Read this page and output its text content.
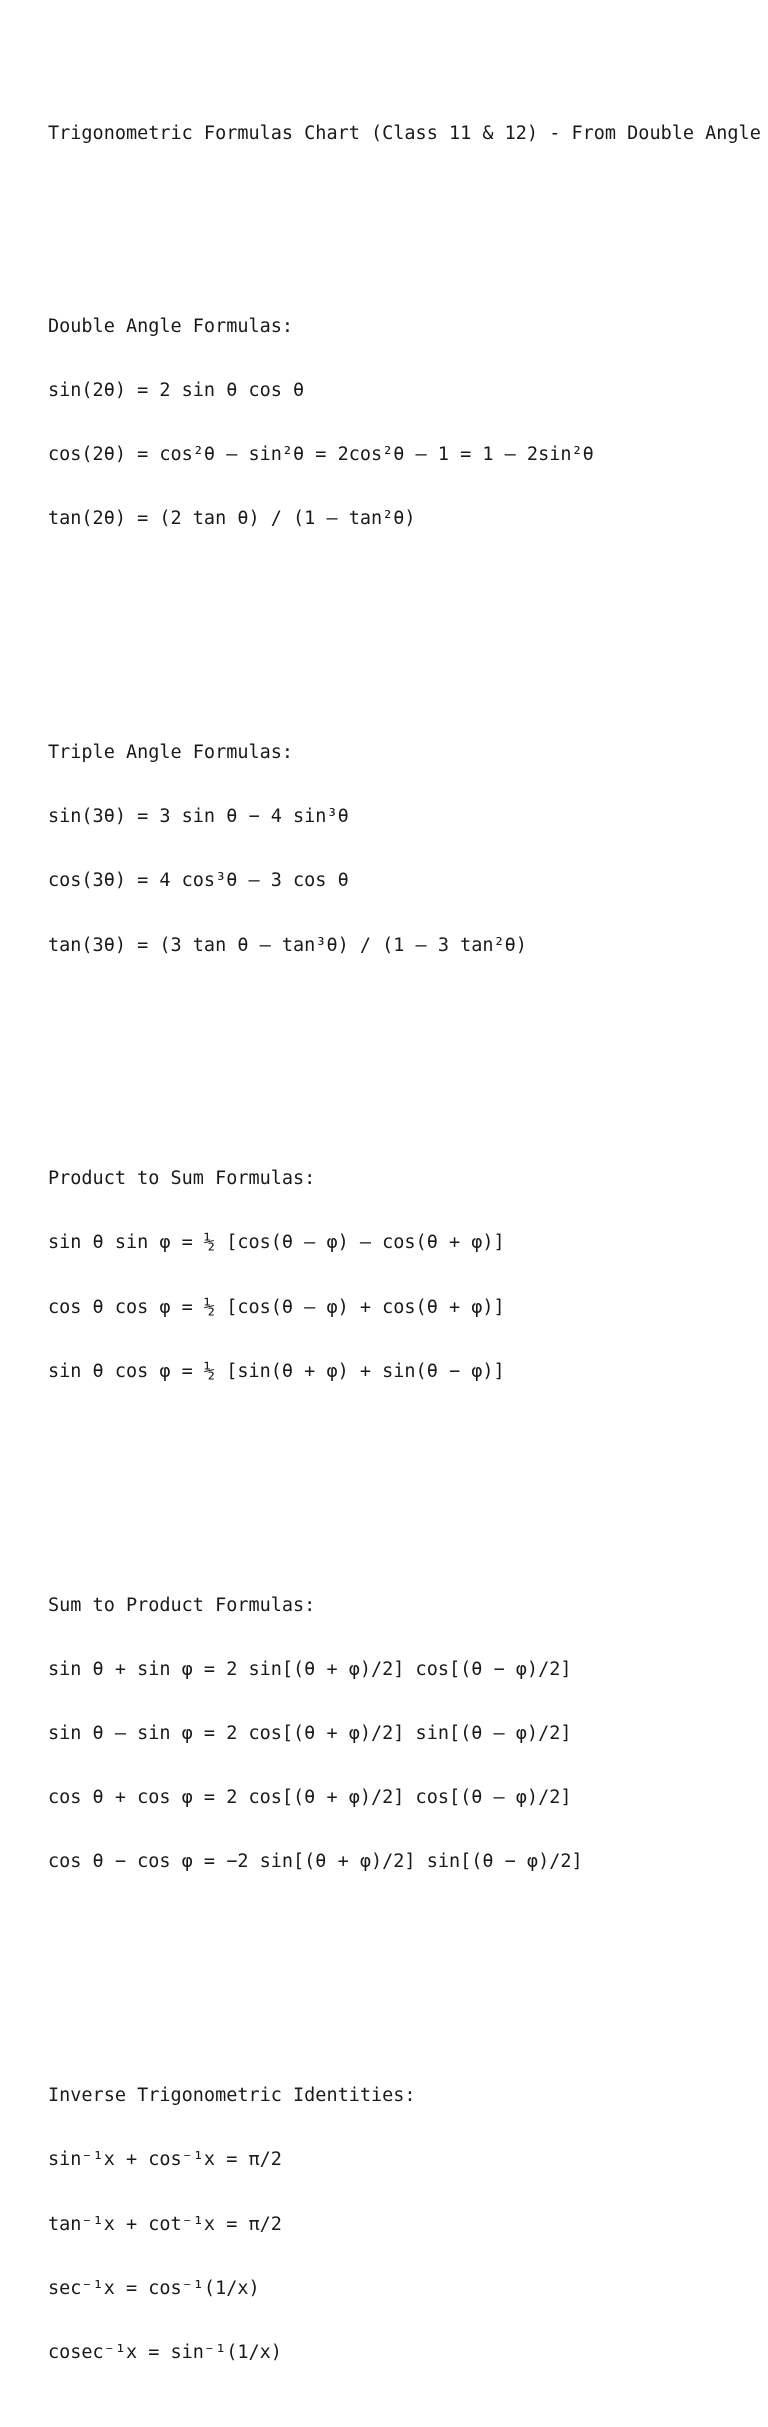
Trigonometric Formulas Chart (Class 11 & 12) - From Double Angle

Double Angle Formulas:

sin(2θ) = 2 sin θ cos θ

cos(2θ) = cos²θ – sin²θ = 2cos²θ – 1 = 1 – 2sin²θ

tan(2θ) = (2 tan θ) / (1 – tan²θ)

Triple Angle Formulas:

sin(3θ) = 3 sin θ − 4 sin³θ

cos(3θ) = 4 cos³θ – 3 cos θ

tan(3θ) = (3 tan θ – tan³θ) / (1 – 3 tan²θ)

Product to Sum Formulas:

sin θ sin φ = ½ [cos(θ – φ) – cos(θ + φ)]

cos θ cos φ = ½ [cos(θ – φ) + cos(θ + φ)]

sin θ cos φ = ½ [sin(θ + φ) + sin(θ − φ)]

Sum to Product Formulas:

sin θ + sin φ = 2 sin[(θ + φ)/2] cos[(θ − φ)/2]

sin θ – sin φ = 2 cos[(θ + φ)/2] sin[(θ – φ)/2]

cos θ + cos φ = 2 cos[(θ + φ)/2] cos[(θ – φ)/2]

cos θ − cos φ = −2 sin[(θ + φ)/2] sin[(θ − φ)/2]

Inverse Trigonometric Identities:

sin⁻¹x + cos⁻¹x = π/2

tan⁻¹x + cot⁻¹x = π/2

sec⁻¹x = cos⁻¹(1/x)

cosec⁻¹x = sin⁻¹(1/x)
